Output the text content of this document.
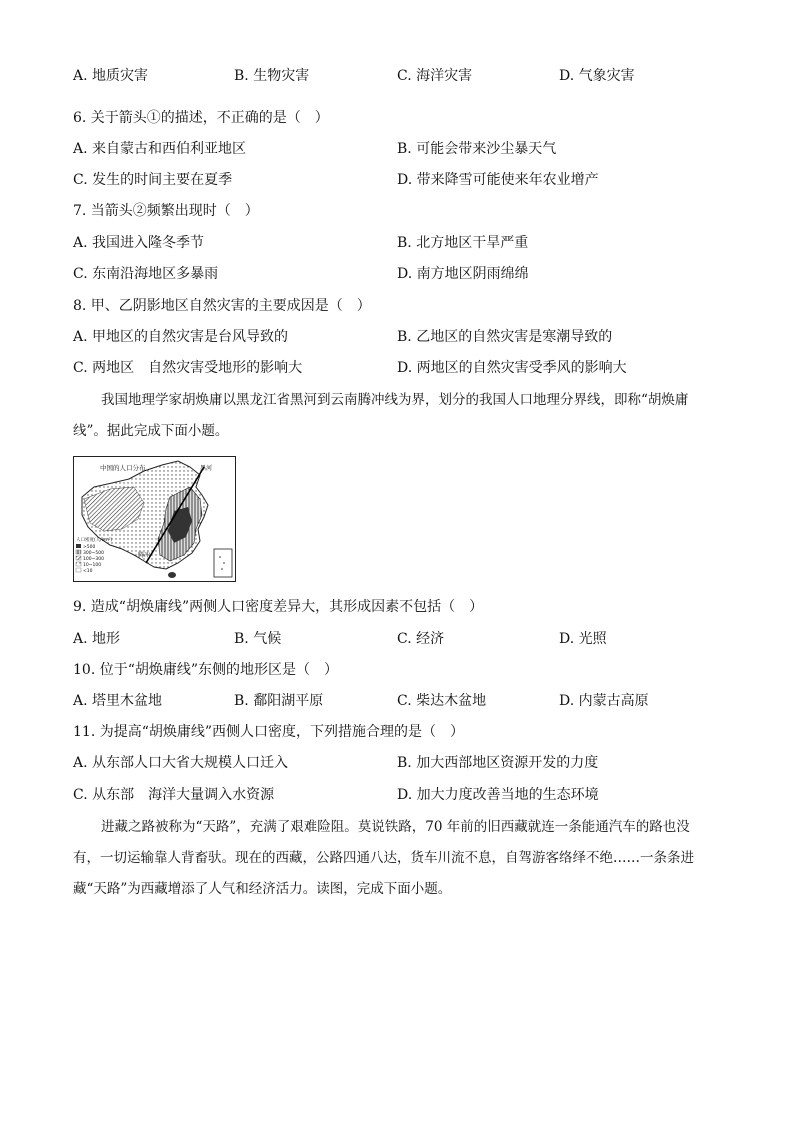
A. 地质灾害	B. 生物灾害	C. 海洋灾害	D. 气象灾害
6. 关于箭头①的描述，不正确的是（　）
A. 来自蒙古和西伯利亚地区	B. 可能会带来沙尘暴天气
C. 发生的时间主要在夏季	D. 带来降雪可能使来年农业增产
7. 当箭头②频繁出现时（　）
A. 我国进入隆冬季节	B. 北方地区干旱严重
C. 东南沿海地区多暴雨	D. 南方地区阴雨绵绵
8. 甲、乙阴影地区自然灾害的主要成因是（　）
A. 甲地区的自然灾害是台风导致的	B. 乙地区的自然灾害是寒潮导致的
C. 两地区　自然灾害受地形的影响大	D. 两地区的自然灾害受季风的影响大
我国地理学家胡焕庸以黑龙江省黑河到云南腾冲线为界，划分的我国人口地理分界线，即称“胡焕庸
线”。据此完成下面小题。
中国的人口分布	黑河
腾冲
人口密度(人/km²)
>500
300~500
100~300
10~100
<10
9. 造成“胡焕庸线”两侧人口密度差异大，其形成因素不包括（　）
A. 地形	B. 气候	C. 经济	D. 光照
10. 位于“胡焕庸线”东侧的地形区是（　）
A. 塔里木盆地	B. 鄱阳湖平原	C. 柴达木盆地	D. 内蒙古高原
11. 为提高“胡焕庸线”西侧人口密度，下列措施合理的是（　）
A. 从东部人口大省大规模人口迁入	B. 加大西部地区资源开发的力度
C. 从东部　海洋大量调入水资源	D. 加大力度改善当地的生态环境
进藏之路被称为“天路”，充满了艰难险阻。莫说铁路，70 年前的旧西藏就连一条能通汽车的路也没
有，一切运输靠人背畜驮。现在的西藏，公路四通八达，货车川流不息，自驾游客络绎不绝……一条条进
藏“天路”为西藏增添了人气和经济活力。读图，完成下面小题。
